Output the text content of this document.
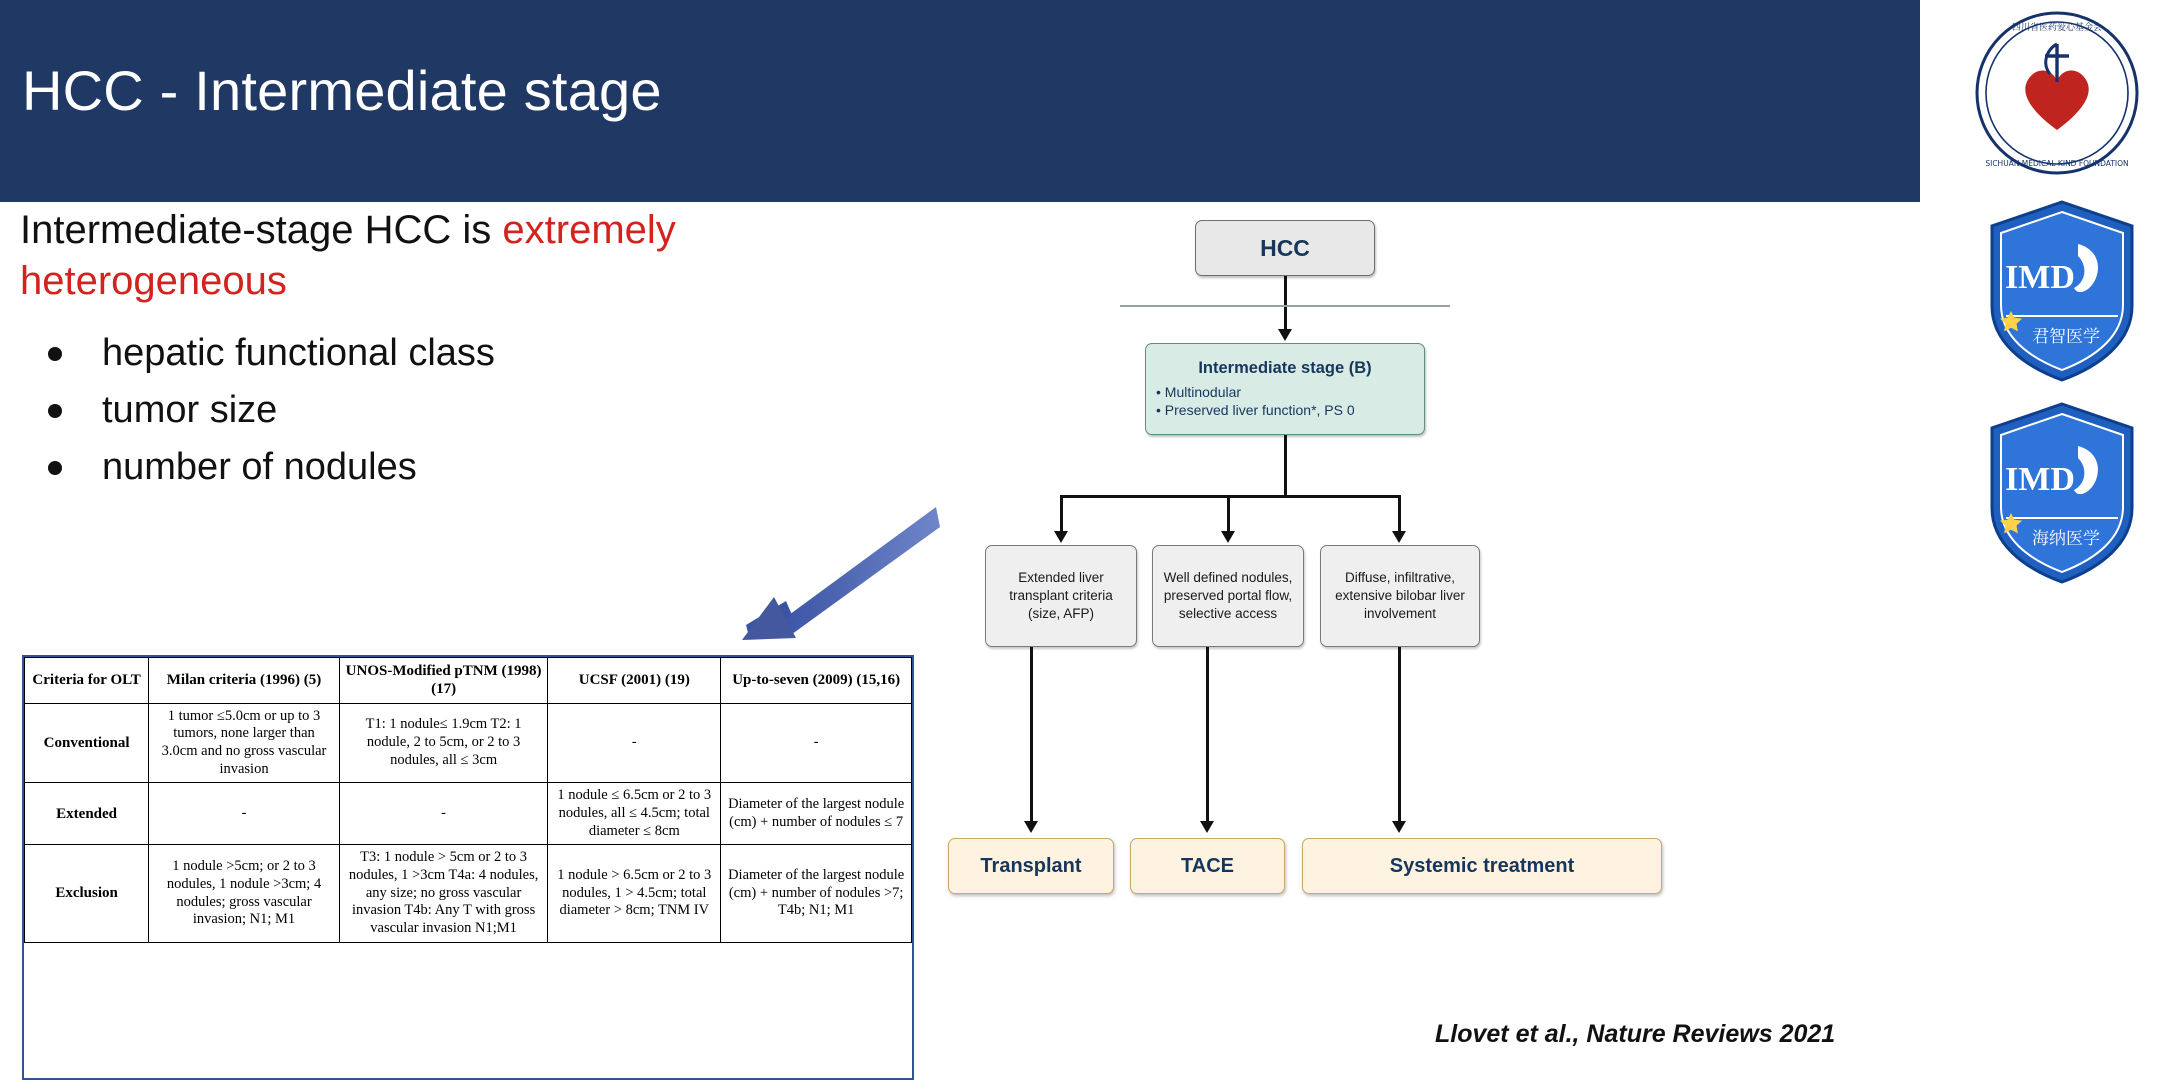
HCC - Intermediate stage
Intermediate-stage HCC is extremely heterogeneous
hepatic functional class
tumor size
number of nodules
Criteria for OLT	Milan criteria (1996) (5)	UNOS-Modified pTNM (1998) (17)	UCSF (2001) (19)	Up-to-seven (2009) (15,16)
Conventional	1 tumor ≤5.0cm or up to 3 tumors, none larger than 3.0cm and no gross vascular invasion	T1: 1 nodule≤ 1.9cm T2: 1 nodule, 2 to 5cm, or 2 to 3 nodules, all ≤ 3cm	-	-
Extended	-	-	1 nodule ≤ 6.5cm or 2 to 3 nodules, all ≤ 4.5cm; total diameter ≤ 8cm	Diameter of the largest nodule (cm) + number of nodules ≤ 7
Exclusion	1 nodule >5cm; or 2 to 3 nodules, 1 nodule >3cm; 4 nodules; gross vascular invasion; N1; M1	T3: 1 nodule > 5cm or 2 to 3 nodules, 1 >3cm T4a: 4 nodules, any size; no gross vascular invasion T4b: Any T with gross vascular invasion N1;M1	1 nodule > 6.5cm or 2 to 3 nodules, 1 > 4.5cm; total diameter > 8cm; TNM IV	Diameter of the largest nodule (cm) + number of nodules >7; T4b; N1; M1
HCC
Intermediate stage (B)
• Multinodular
• Preserved liver function*, PS 0
Extended liver transplant criteria (size, AFP)
Well defined nodules, preserved portal flow, selective access
Diffuse, infiltrative, extensive bilobar liver involvement
Transplant	TACE	Systemic treatment
Llovet et al., Nature Reviews 2021
四川省医药爱心基金会
SICHUAN MEDICAL KIND FOUNDATION
IMD
君智医学
IMD
海纳医学
